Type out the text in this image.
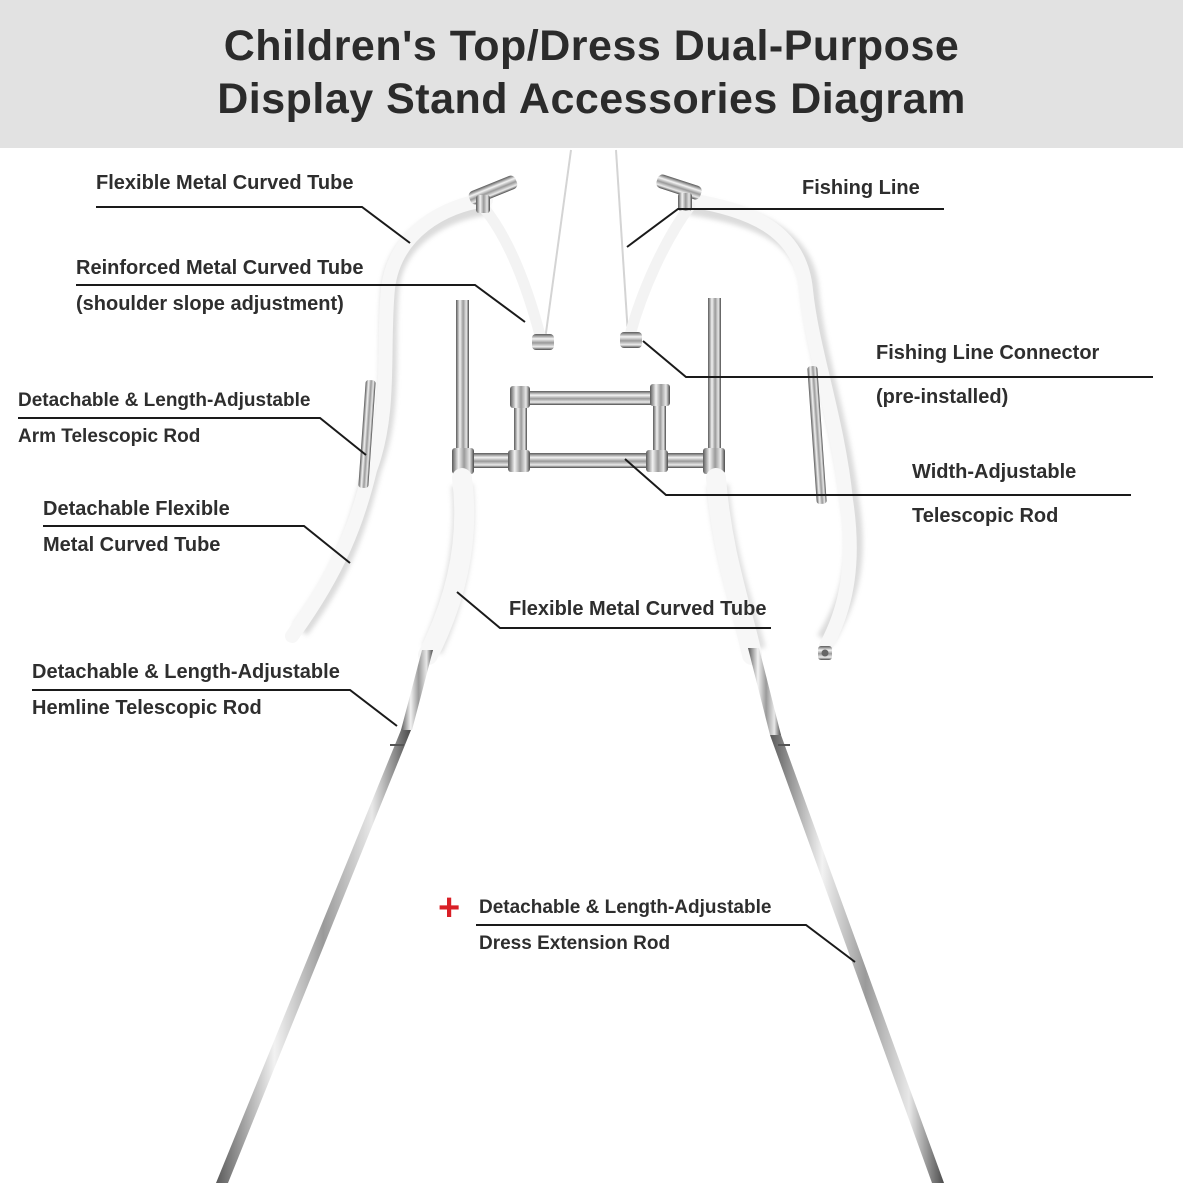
Children's Top/Dress Dual-Purpose
Display Stand Accessories Diagram
Flexible Metal Curved Tube	Fishing Line
Reinforced Metal Curved Tube
(shoulder slope adjustment)
Fishing Line Connector
(pre-installed)
Detachable & Length-Adjustable
Arm Telescopic Rod
Width-Adjustable
Telescopic Rod
Detachable Flexible
Metal Curved Tube
Flexible Metal Curved Tube
Detachable & Length-Adjustable
Hemline Telescopic Rod
+ Detachable & Length-Adjustable
Dress Extension Rod
